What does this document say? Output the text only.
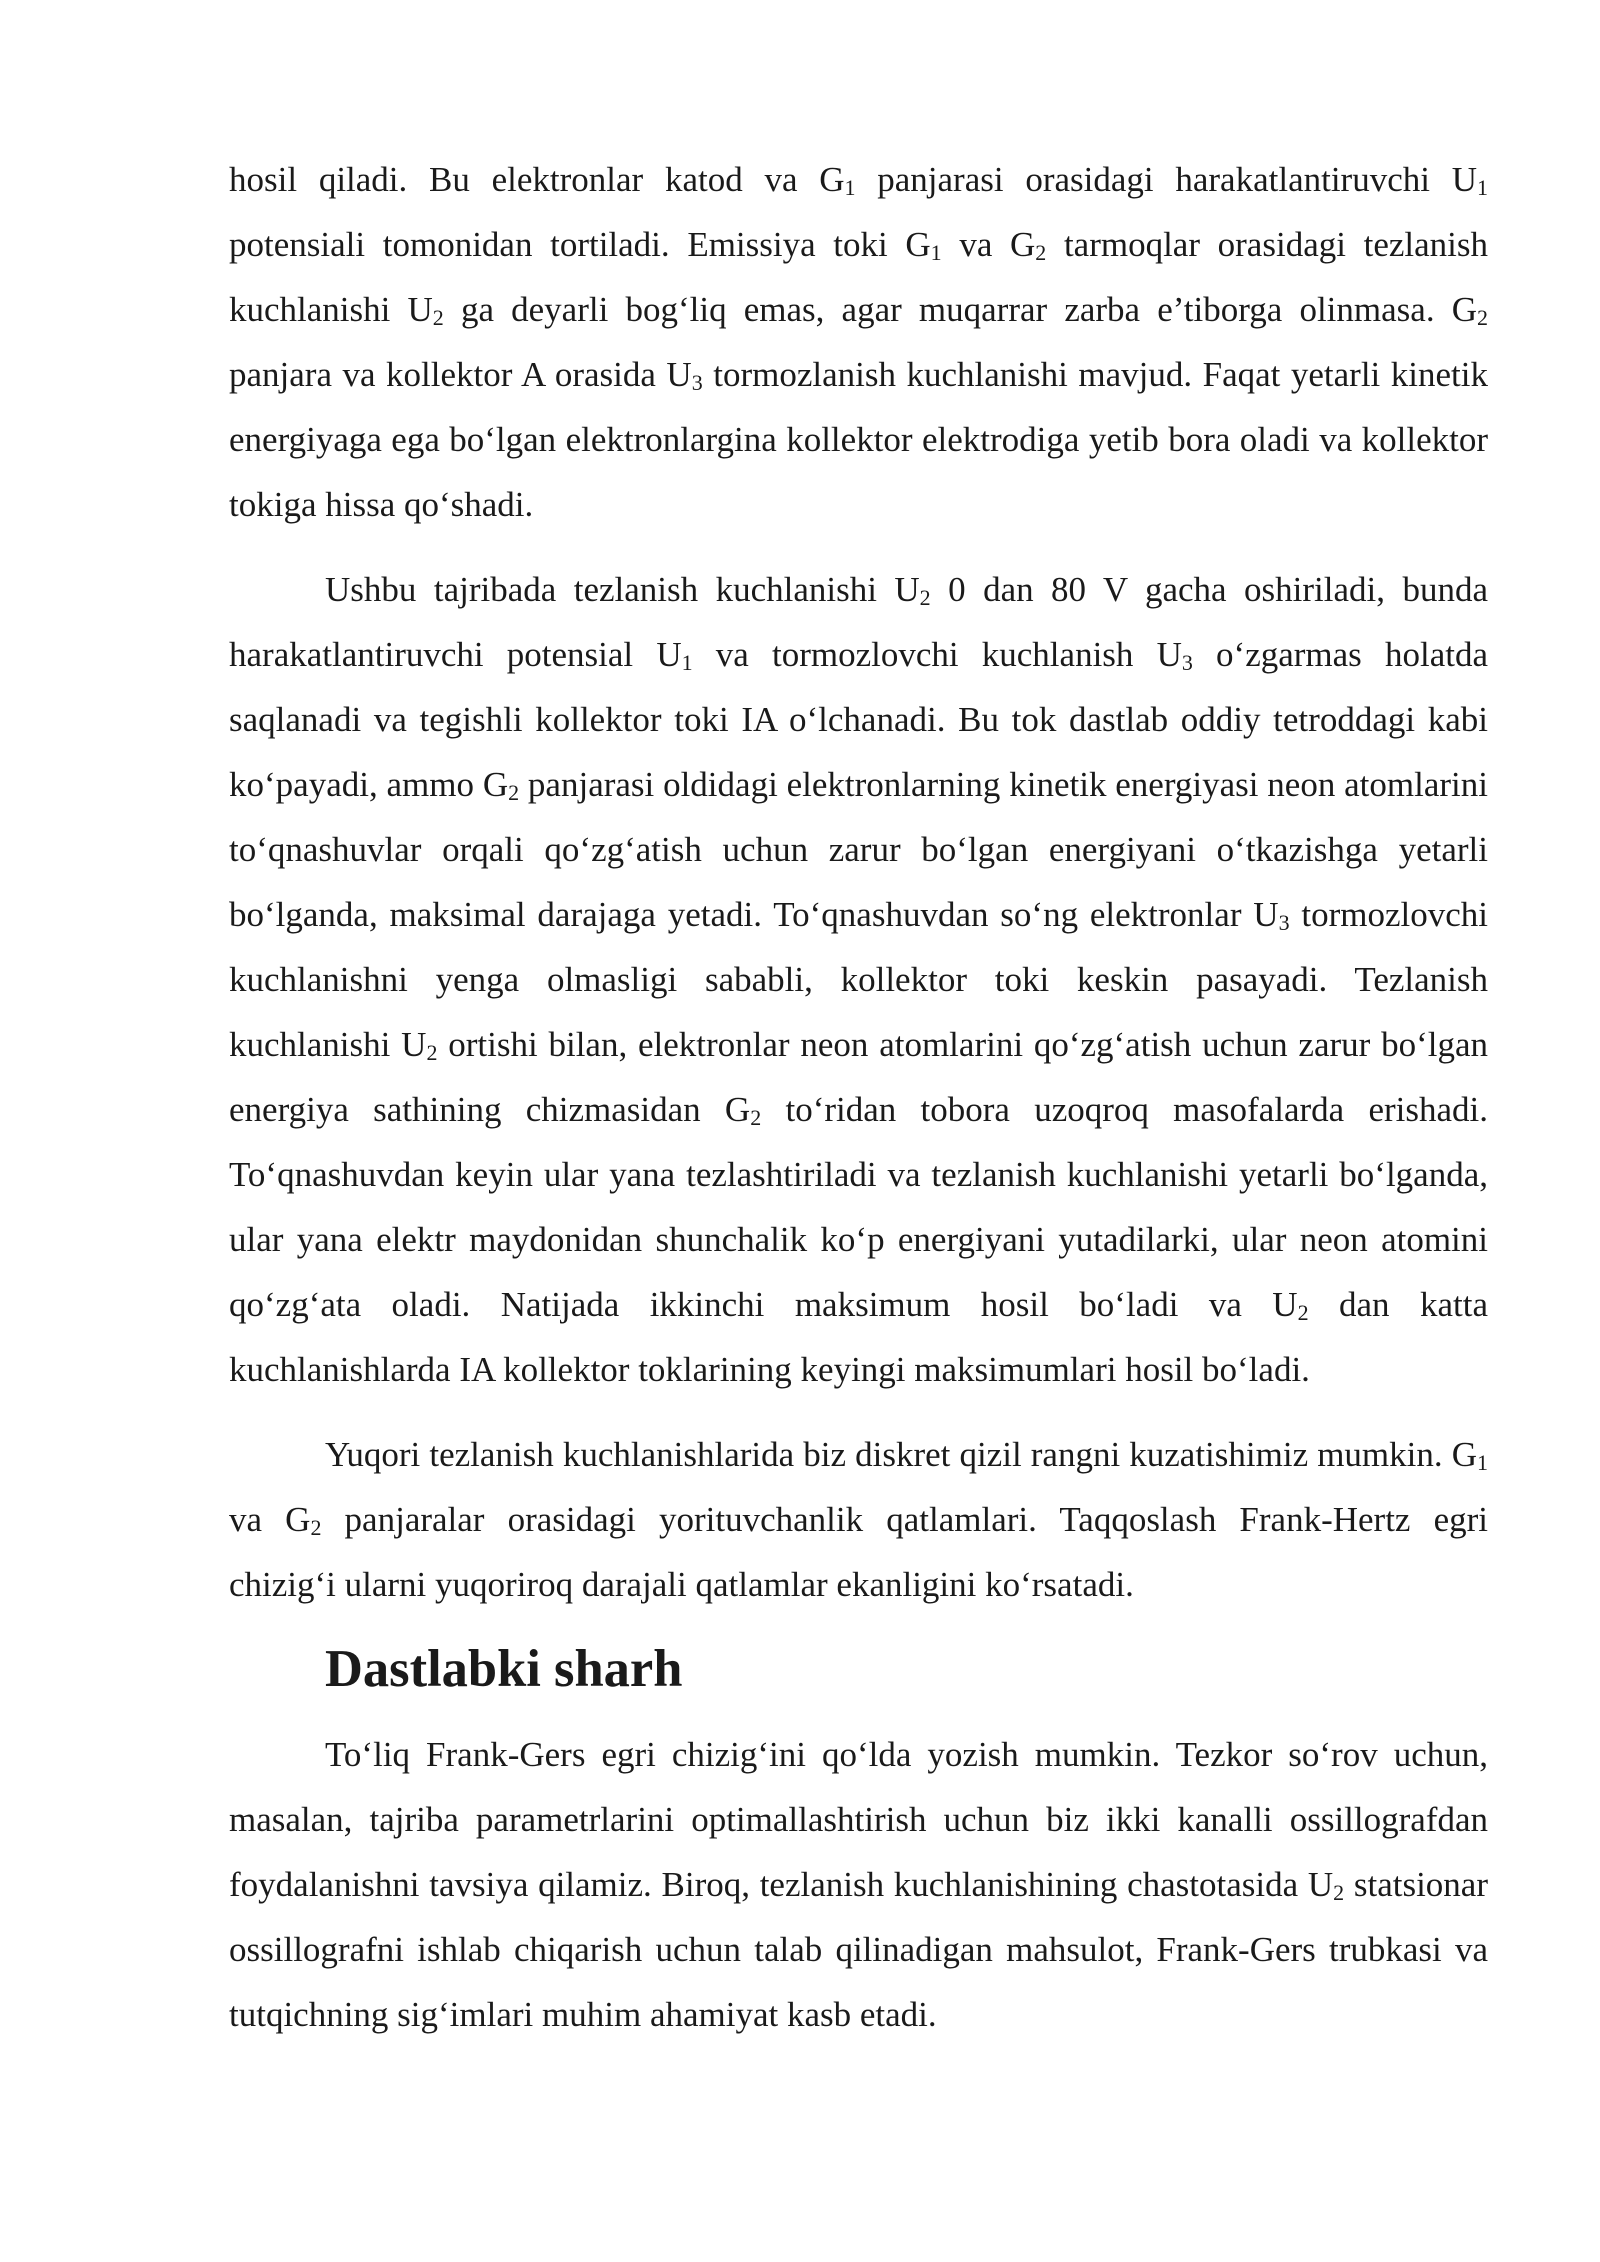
hosil qiladi. Bu elektronlar katod va $G_1$ panjarasi orasidagi harakatlantiruvchi $U_1$ potensiali tomonidan tortiladi. Emissiya toki $G_1$ va $G_2$ tarmoqlar orasidagi tezlanish kuchlanishi $U_2$ ga deyarli bog‘liq emas, agar muqarrar zarba e’tiborga olinmasa. $G_2$ panjara va kollektor A orasida $U_3$ tormozlanish kuchlanishi mavjud. Faqat yetarli kinetik energiyaga ega bo‘lgan elektronlargina kollektor elektrodiga yetib bora oladi va kollektor tokiga hissa qo‘shadi.

Ushbu tajribada tezlanish kuchlanishi $U_2$ 0 dan 80 V gacha oshiriladi, bunda harakatlantiruvchi potensial $U_1$ va tormozlovchi kuchlanish $U_3$ o‘zgarmas holatda saqlanadi va tegishli kollektor toki IA o‘lchanadi. Bu tok dastlab oddiy tetroddagi kabi ko‘payadi, ammo $G_2$ panjarasi oldidagi elektronlarning kinetik energiyasi neon atomlarini to‘qnashuvlar orqali qo‘zg‘atish uchun zarur bo‘lgan energiyani o‘tkazishga yetarli bo‘lganda, maksimal darajaga yetadi. To‘qnashuvdan so‘ng elektronlar $U_3$ tormozlovchi kuchlanishni yenga olmasligi sababli, kollektor toki keskin pasayadi. Tezlanish kuchlanishi $U_2$ ortishi bilan, elektronlar neon atomlarini qo‘zg‘atish uchun zarur bo‘lgan energiya sathining chizmasidan $G_2$ to‘ridan tobora uzoqroq masofalarda erishadi. To‘qnashuvdan keyin ular yana tezlashtiriladi va tezlanish kuchlanishi yetarli bo‘lganda, ular yana elektr maydonidan shunchalik ko‘p energiyani yutadilarki, ular neon atomini qo‘zg‘ata oladi. Natijada ikkinchi maksimum hosil bo‘ladi va $U_2$ dan katta kuchlanishlarda IA kollektor toklarining keyingi maksimumlari hosil bo‘ladi.

Yuqori tezlanish kuchlanishlarida biz diskret qizil rangni kuzatishimiz mumkin. $G_1$ va $G_2$ panjaralar orasidagi yorituvchanlik qatlamlari. Taqqoslash Frank-Hertz egri chizig‘i ularni yuqoriroq darajali qatlamlar ekanligini ko‘rsatadi.

Dastlabki sharh

To‘liq Frank-Gers egri chizig‘ini qo‘lda yozish mumkin. Tezkor so‘rov uchun, masalan, tajriba parametrlarini optimallashtirish uchun biz ikki kanalli ossillografdan foydalanishni tavsiya qilamiz. Biroq, tezlanish kuchlanishining chastotasida $U_2$ statsionar ossillografni ishlab chiqarish uchun talab qilinadigan mahsulot, Frank-Gers trubkasi va tutqichning sig‘imlari muhim ahamiyat kasb etadi.
